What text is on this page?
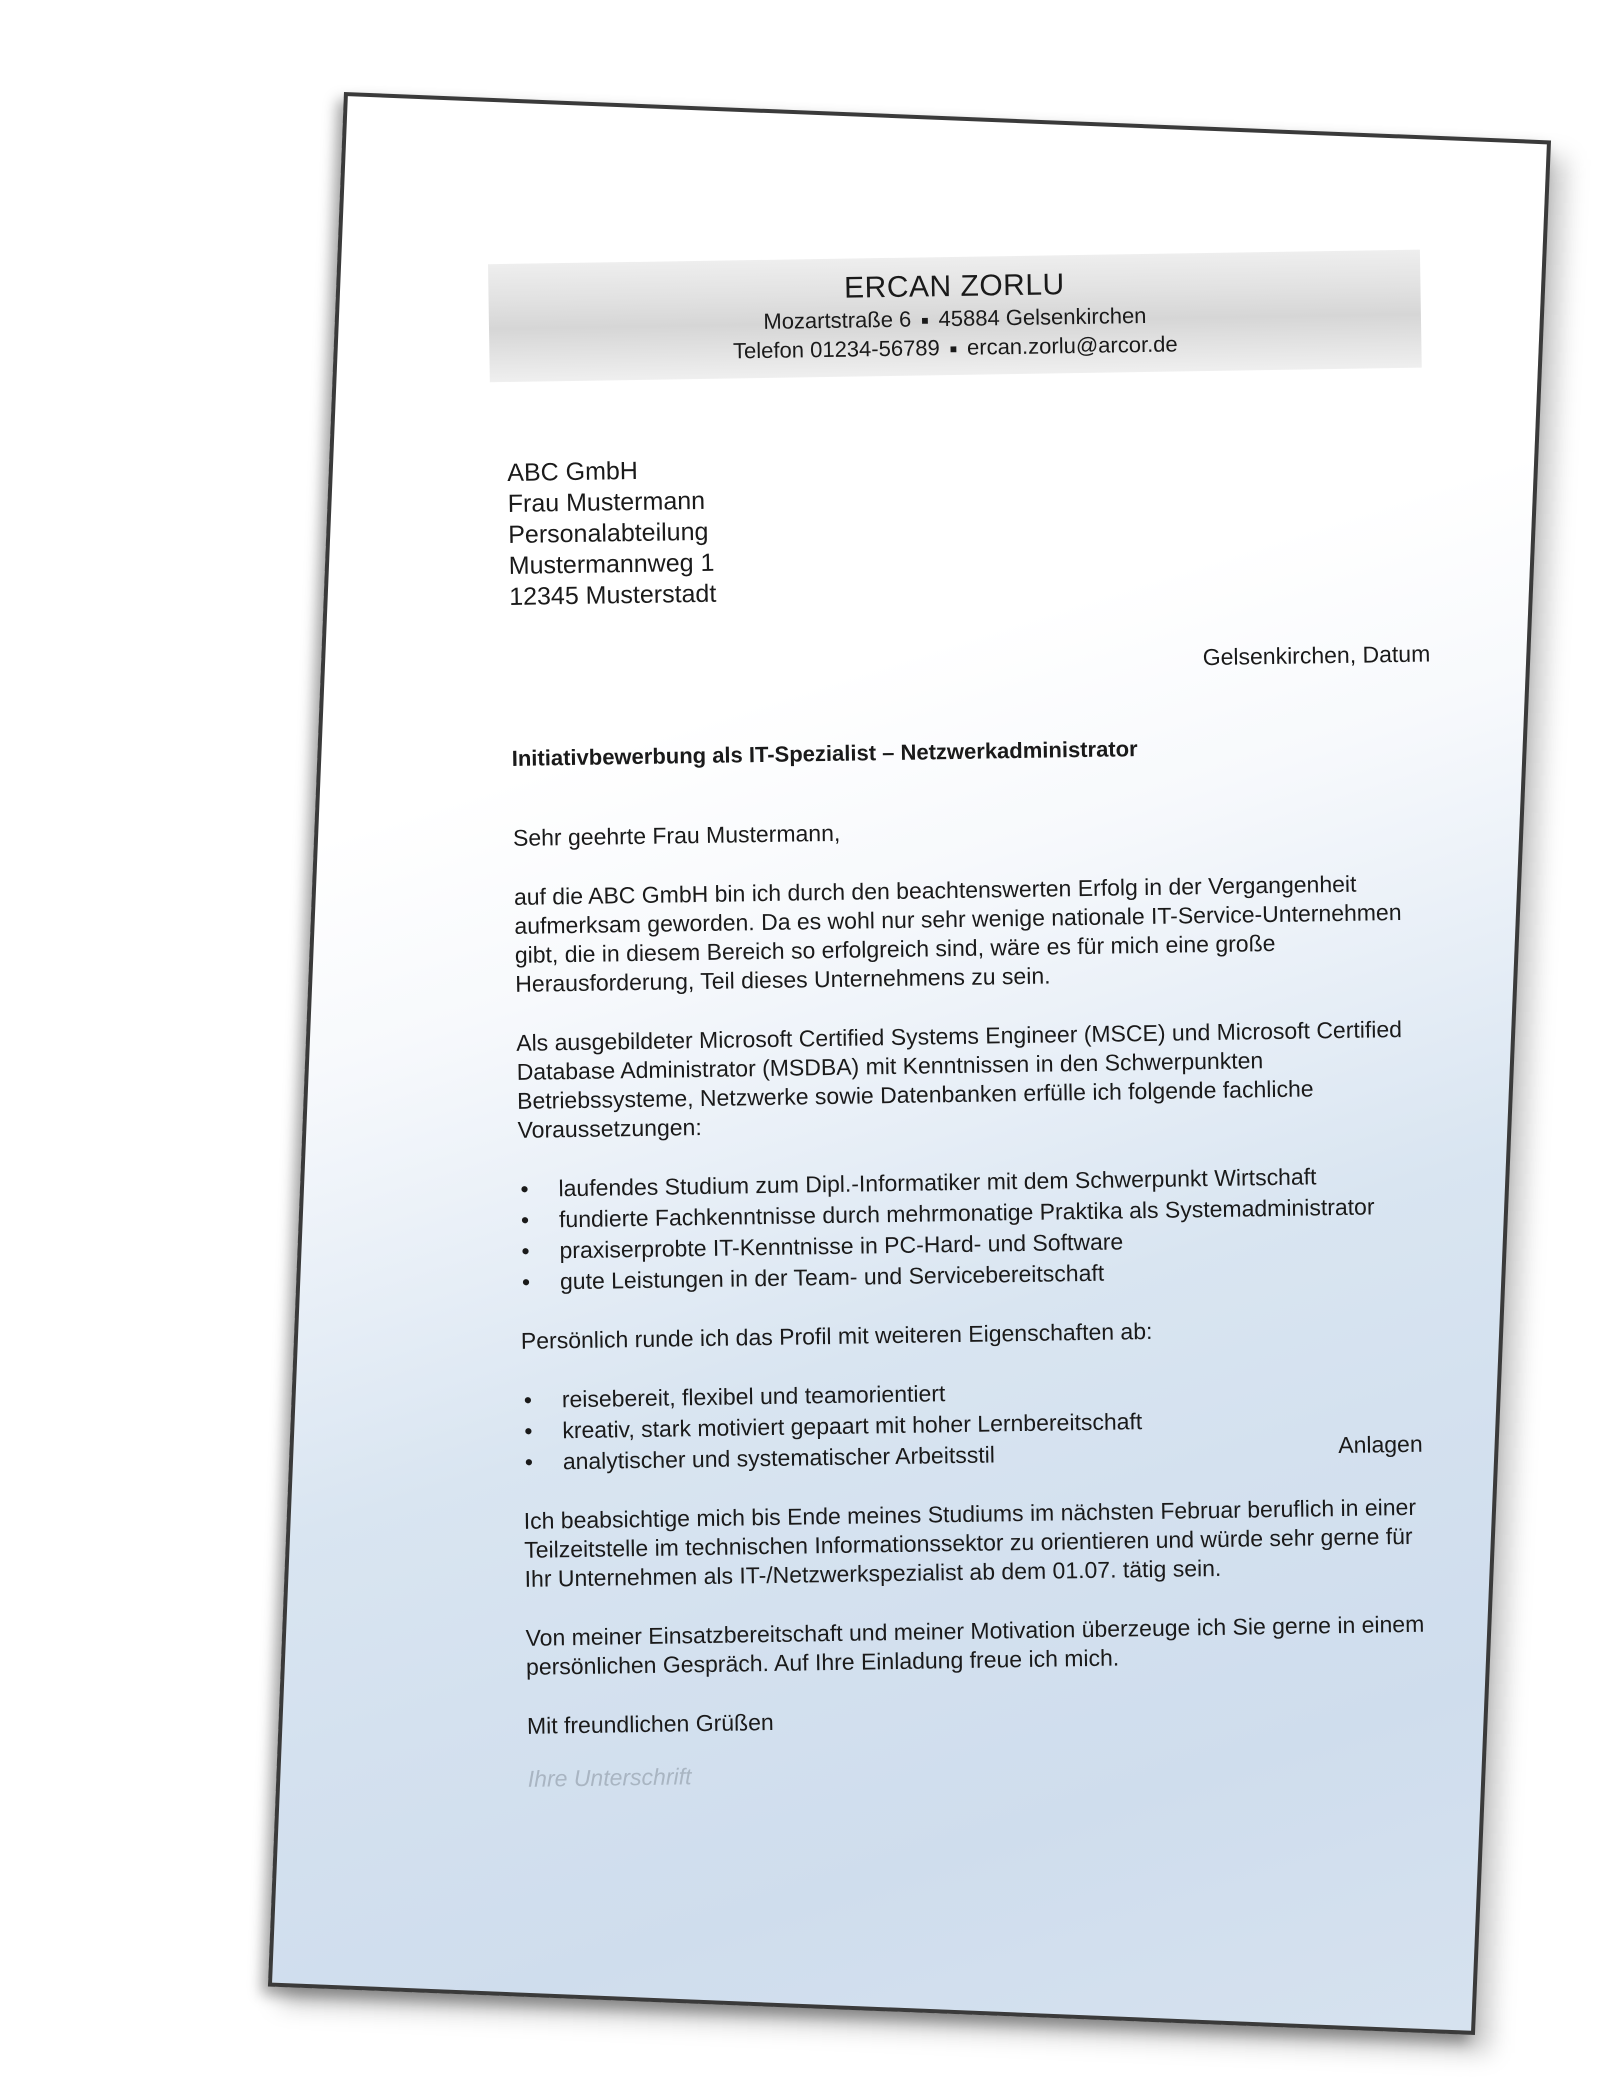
ERCAN ZORLU
Mozartstraße 6 ■ 45884 Gelsenkirchen
Telefon 01234-56789 ■ ercan.zorlu@arcor.de
ABC GmbH
Frau Mustermann
Personalabteilung
Mustermannweg 1
12345 Musterstadt
Gelsenkirchen, Datum
Initiativbewerbung als IT-Spezialist – Netzwerkadministrator

Sehr geehrte Frau Mustermann,

auf die ABC GmbH bin ich durch den beachtenswerten Erfolg in der Vergangenheit aufmerksam geworden. Da es wohl nur sehr wenige nationale IT-Service-Unternehmen gibt, die in diesem Bereich so erfolgreich sind, wäre es für mich eine große Herausforderung, Teil dieses Unternehmens zu sein.

Als ausgebildeter Microsoft Certified Systems Engineer (MSCE) und Microsoft Certified Database Administrator (MSDBA) mit Kenntnissen in den Schwerpunkten Betriebssysteme, Netzwerke sowie Datenbanken erfülle ich folgende fachliche Voraussetzungen:

• laufendes Studium zum Dipl.-Informatiker mit dem Schwerpunkt Wirtschaft
• fundierte Fachkenntnisse durch mehrmonatige Praktika als Systemadministrator
• praxiserprobte IT-Kenntnisse in PC-Hard- und Software
• gute Leistungen in der Team- und Servicebereitschaft

Persönlich runde ich das Profil mit weiteren Eigenschaften ab:

• reisebereit, flexibel und teamorientiert
• kreativ, stark motiviert gepaart mit hoher Lernbereitschaft
• analytischer und systematischer Arbeitsstil

Ich beabsichtige mich bis Ende meines Studiums im nächsten Februar beruflich in einer Teilzeitstelle im technischen Informationssektor zu orientieren und würde sehr gerne für Ihr Unternehmen als IT-/Netzwerkspezialist ab dem 01.07. tätig sein.

Von meiner Einsatzbereitschaft und meiner Motivation überzeuge ich Sie gerne in einem persönlichen Gespräch. Auf Ihre Einladung freue ich mich.

Mit freundlichen Grüßen
Ihre Unterschrift
Anlagen
